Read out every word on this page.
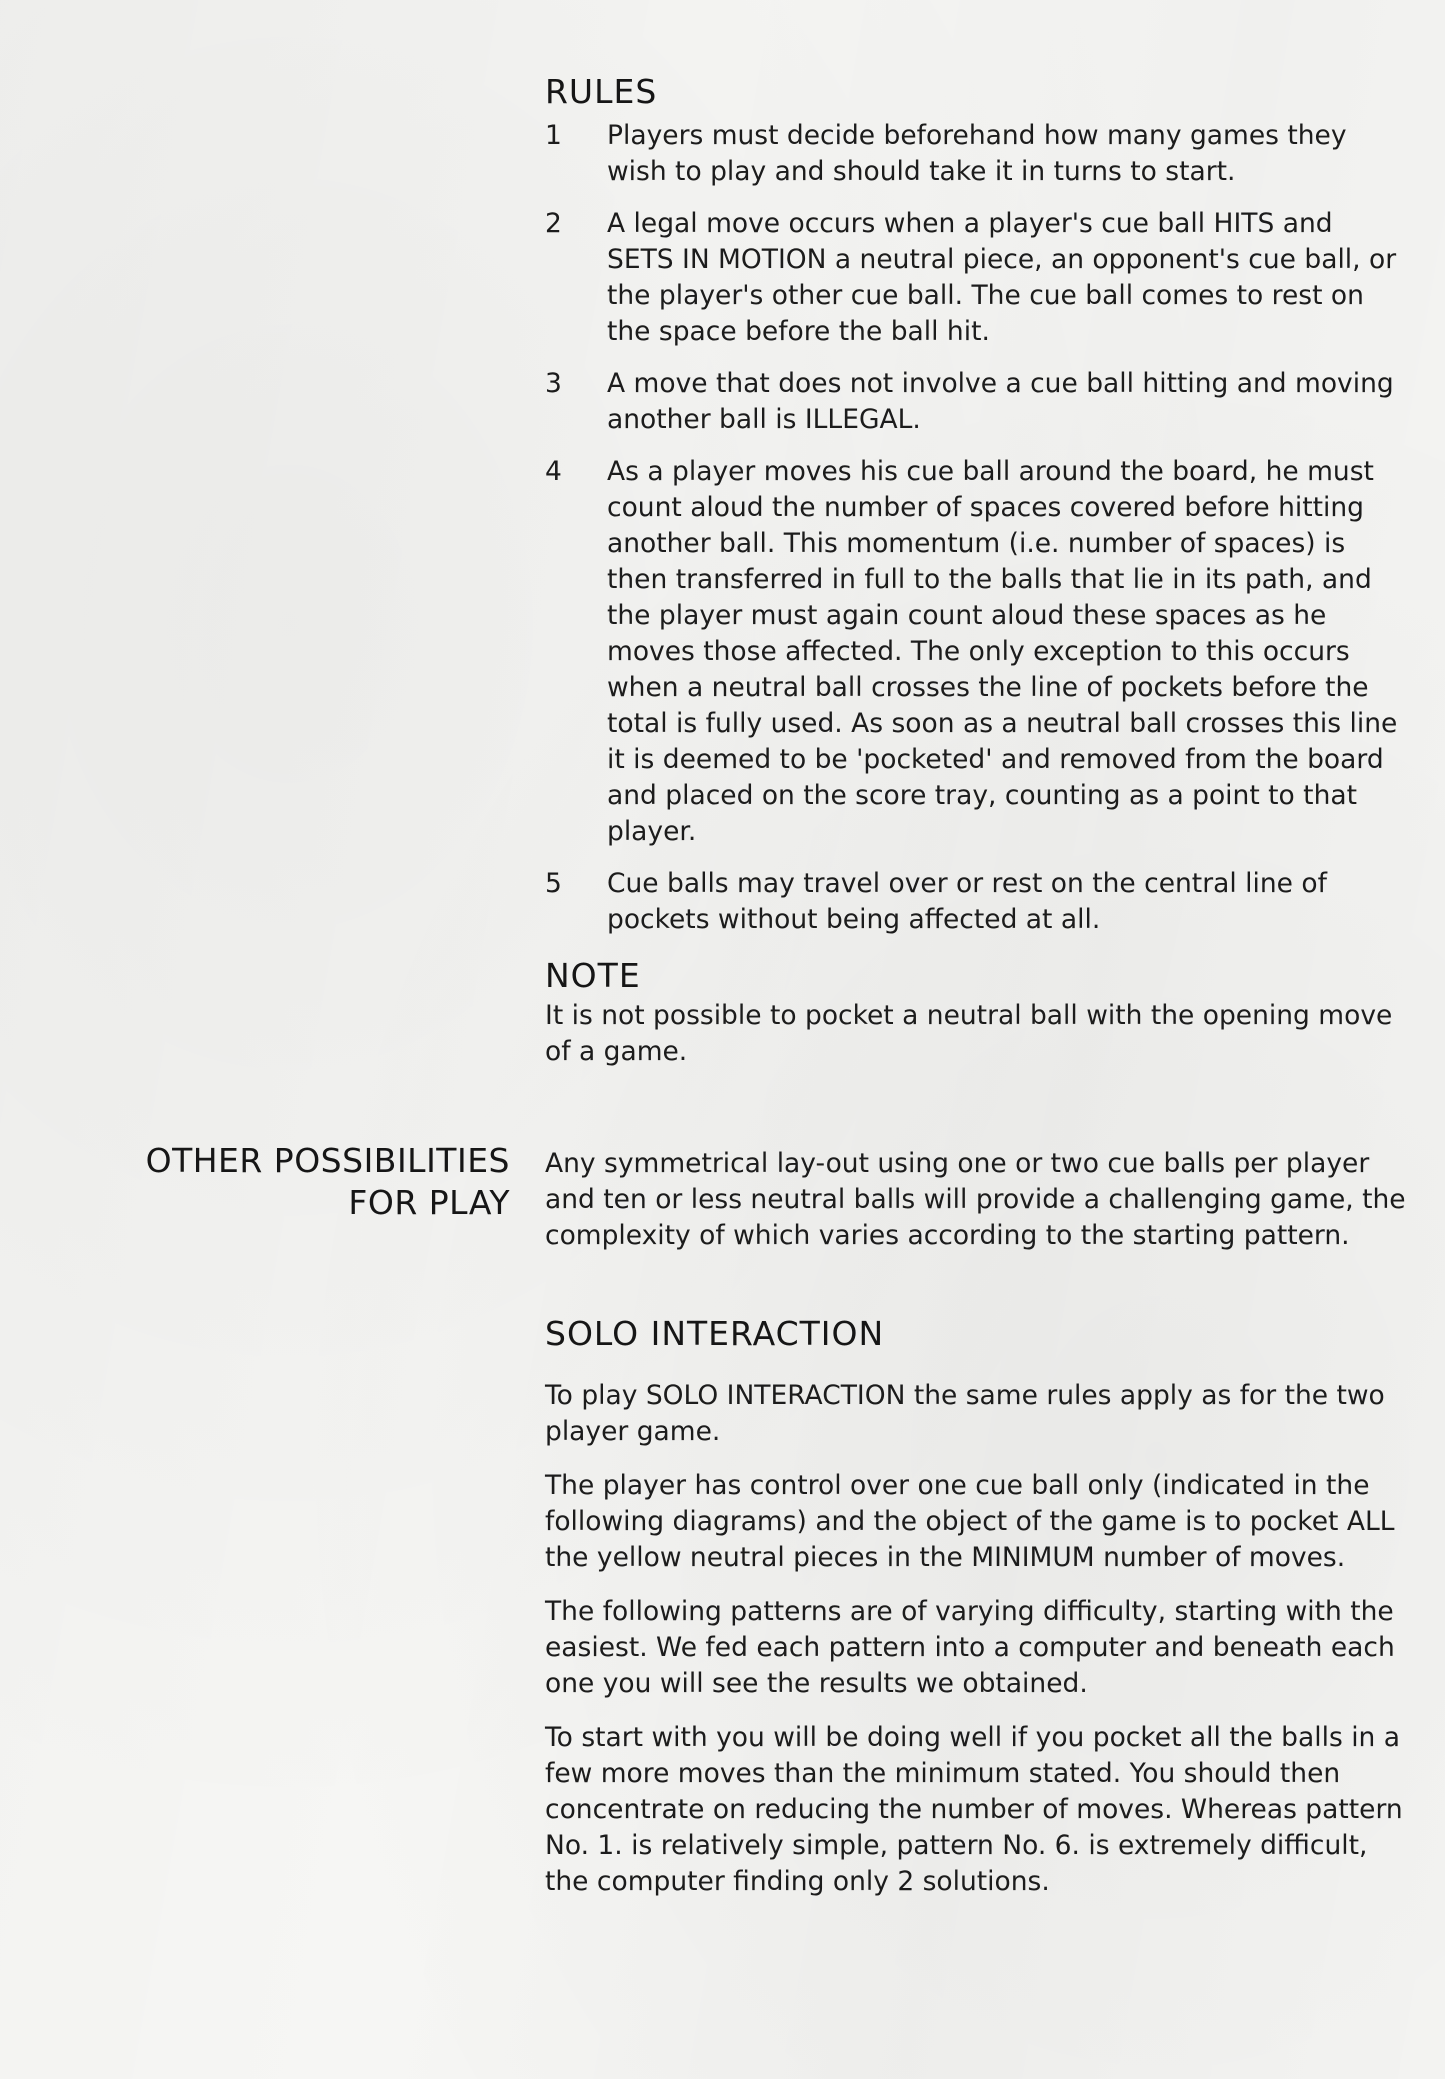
RULES
1	Players must decide beforehand how many games they wish to play and should take it in turns to start.
2	A legal move occurs when a player's cue ball HITS and SETS IN MOTION a neutral piece, an opponent's cue ball, or the player's other cue ball. The cue ball comes to rest on the space before the ball hit.
3	A move that does not involve a cue ball hitting and moving another ball is ILLEGAL.
4	As a player moves his cue ball around the board, he must count aloud the number of spaces covered before hitting another ball. This momentum (i.e. number of spaces) is then transferred in full to the balls that lie in its path, and the player must again count aloud these spaces as he moves those affected. The only exception to this occurs when a neutral ball crosses the line of pockets before the total is fully used. As soon as a neutral ball crosses this line it is deemed to be 'pocketed' and removed from the board and placed on the score tray, counting as a point to that player.
5	Cue balls may travel over or rest on the central line of pockets without being affected at all.
NOTE

It is not possible to pocket a neutral ball with the opening move of a game.

OTHER POSSIBILITIES
FOR PLAY

Any symmetrical lay-out using one or two cue balls per player and ten or less neutral balls will provide a challenging game, the complexity of which varies according to the starting pattern.

SOLO INTERACTION

To play SOLO INTERACTION the same rules apply as for the two player game.

The player has control over one cue ball only (indicated in the following diagrams) and the object of the game is to pocket ALL the yellow neutral pieces in the MINIMUM number of moves.

The following patterns are of varying difficulty, starting with the easiest. We fed each pattern into a computer and beneath each one you will see the results we obtained.

To start with you will be doing well if you pocket all the balls in a few more moves than the minimum stated. You should then concentrate on reducing the number of moves. Whereas pattern No. 1. is relatively simple, pattern No. 6. is extremely difficult, the computer finding only 2 solutions.
